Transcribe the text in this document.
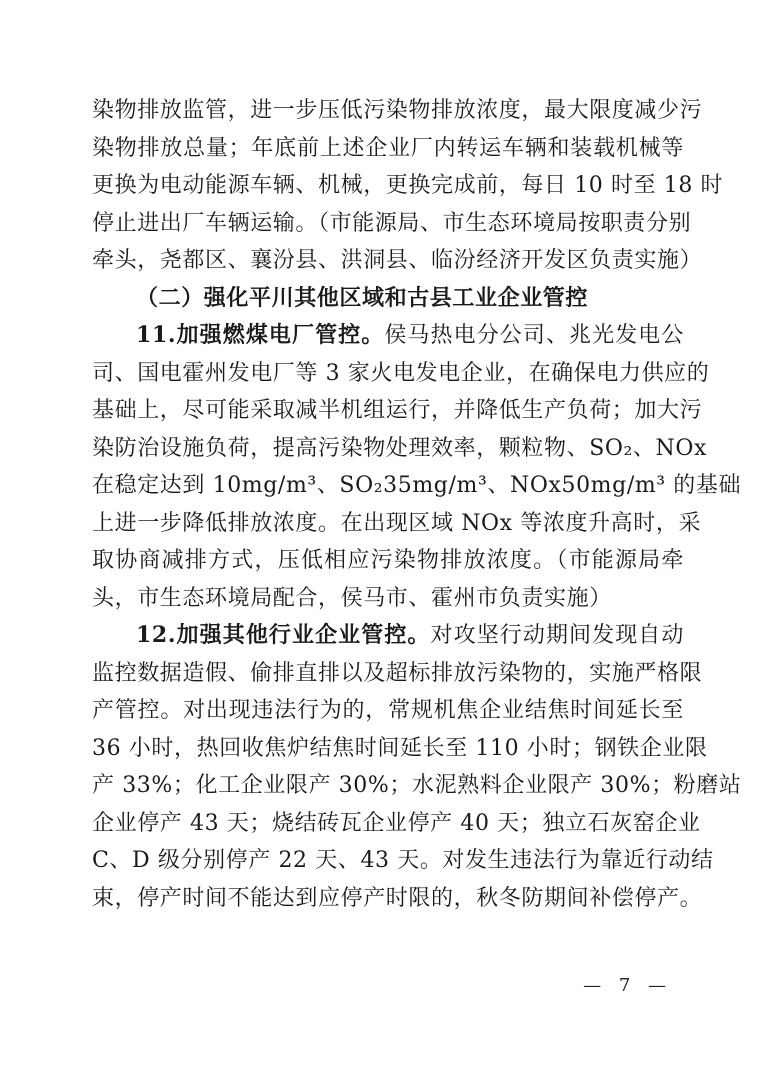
染物排放监管，进一步压低污染物排放浓度，最大限度减少污
染物排放总量；年底前上述企业厂内转运车辆和装载机械等
更换为电动能源车辆、机械，更换完成前，每日 10 时至 18 时
停止进出厂车辆运输。（市能源局、市生态环境局按职责分别
牵头，尧都区、襄汾县、洪洞县、临汾经济开发区负责实施）
（二）强化平川其他区域和古县工业企业管控
11.加强燃煤电厂管控。侯马热电分公司、兆光发电公
司、国电霍州发电厂等 3 家火电发电企业，在确保电力供应的
基础上，尽可能采取减半机组运行，并降低生产负荷；加大污
染防治设施负荷，提高污染物处理效率，颗粒物、SO₂、NOx
在稳定达到 10mg/m³、SO₂35mg/m³、NOx50mg/m³ 的基础
上进一步降低排放浓度。在出现区域 NOx 等浓度升高时，采
取协商减排方式，压低相应污染物排放浓度。（市能源局牵
头，市生态环境局配合，侯马市、霍州市负责实施）
12.加强其他行业企业管控。对攻坚行动期间发现自动
监控数据造假、偷排直排以及超标排放污染物的，实施严格限
产管控。对出现违法行为的，常规机焦企业结焦时间延长至
36 小时，热回收焦炉结焦时间延长至 110 小时；钢铁企业限
产 33%；化工企业限产 30%；水泥熟料企业限产 30%；粉磨站
企业停产 43 天；烧结砖瓦企业停产 40 天；独立石灰窑企业
C、D 级分别停产 22 天、43 天。对发生违法行为靠近行动结
束，停产时间不能达到应停产时限的，秋冬防期间补偿停产。
— 7 —
